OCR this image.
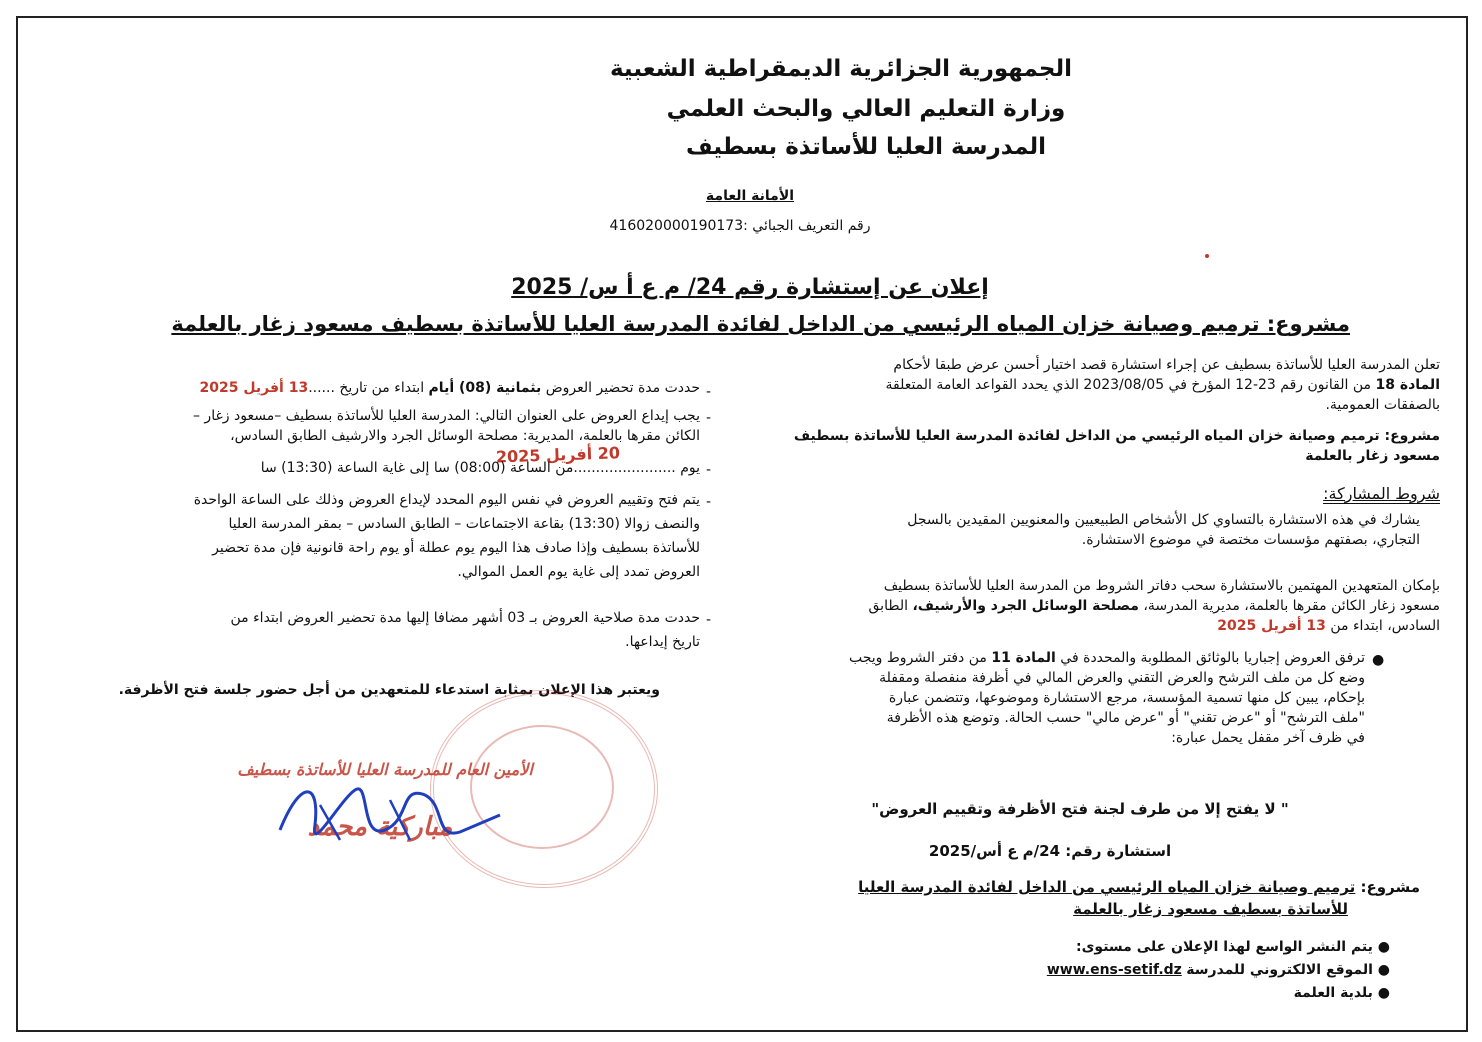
الجمهورية الجزائرية الديمقراطية الشعبية
وزارة التعليم العالي والبحث العلمي
المدرسة العليا للأساتذة بسطيف
الأمانة العامة
رقم التعريف الجبائي :416020000190173
إعلان عن إستشارة رقم 24/ م ع أ س/ 2025
مشروع: ترميم وصيانة خزان المياه الرئيسي من الداخل لفائدة المدرسة العليا للأساتذة بسطيف مسعود زغار بالعلمة
تعلن المدرسة العليا للأساتذة بسطيف عن إجراء استشارة قصد اختيار أحسن عرض طبقا لأحكام
المادة 18 من القانون رقم 23-12 المؤرخ في 2023/08/05 الذي يحدد القواعد العامة المتعلقة
بالصفقات العمومية.
مشروع: ترميم وصيانة خزان المياه الرئيسي من الداخل لفائدة المدرسة العليا للأساتذة بسطيف
مسعود زغار بالعلمة
شروط المشاركة:
يشارك في هذه الاستشارة بالتساوي كل الأشخاص الطبيعيين والمعنويين المقيدين بالسجل
التجاري، بصفتهم مؤسسات مختصة في موضوع الاستشارة.
بإمكان المتعهدين المهتمين بالاستشارة سحب دفاتر الشروط من المدرسة العليا للأساتذة بسطيف
مسعود زغار الكائن مقرها بالعلمة، مديرية المدرسة، مصلحة الوسائل الجرد والأرشيف، الطابق
السادس، ابتداء من 13 أفريل 2025
●
ترفق العروض إجباريا بالوثائق المطلوبة والمحددة في المادة 11 من دفتر الشروط ويجب
وضع كل من ملف الترشح والعرض التقني والعرض المالي في أظرفة منفصلة ومقفلة
بإحكام، يبين كل منها تسمية المؤسسة، مرجع الاستشارة وموضوعها، وتتضمن عبارة
"ملف الترشح" أو "عرض تقني" أو "عرض مالي" حسب الحالة. وتوضع هذه الأظرفة
في ظرف آخر مقفل يحمل عبارة:
" لا يفتح إلا من طرف لجنة فتح الأظرفة وتقييم العروض"
استشارة رقم: 24/م ع أس/2025
مشروع: ترميم وصيانة خزان المياه الرئيسي من الداخل لفائدة المدرسة العليا
للأساتذة بسطيف مسعود زغار بالعلمة
● يتم النشر الواسع لهذا الإعلان على مستوى:
● الموقع الالكتروني للمدرسة www.ens-setif.dz
● بلدية العلمة
-
حددت مدة تحضير العروض بثمانية (08) أيام ابتداء من تاريخ ......13 أفريل 2025
-
يجب إيداع العروض على العنوان التالي: المدرسة العليا للأساتذة بسطيف –مسعود زغار –
الكائن مقرها بالعلمة، المديرية: مصلحة الوسائل الجرد والارشيف الطابق السادس،
20 أفريل 2025
-
يوم .......................من الساعة (08:00) سا إلى غاية الساعة (13:30) سا
-
يتم فتح وتقييم العروض في نفس اليوم المحدد لإيداع العروض وذلك على الساعة الواحدة
والنصف زوالا (13:30) بقاعة الاجتماعات – الطابق السادس – بمقر المدرسة العليا
للأساتذة بسطيف وإذا صادف هذا اليوم يوم عطلة أو يوم راحة قانونية فإن مدة تحضير
العروض تمدد إلى غاية يوم العمل الموالي.
-
حددت مدة صلاحية العروض بـ 03 أشهر مضافا إليها مدة تحضير العروض ابتداء من
تاريخ إيداعها.
ويعتبر هذا الإعلان بمثابة استدعاء للمتعهدين من أجل حضور جلسة فتح الأظرفة.
الأمين العام للمدرسة العليا للأساتذة بسطيف
مباركية محمد
